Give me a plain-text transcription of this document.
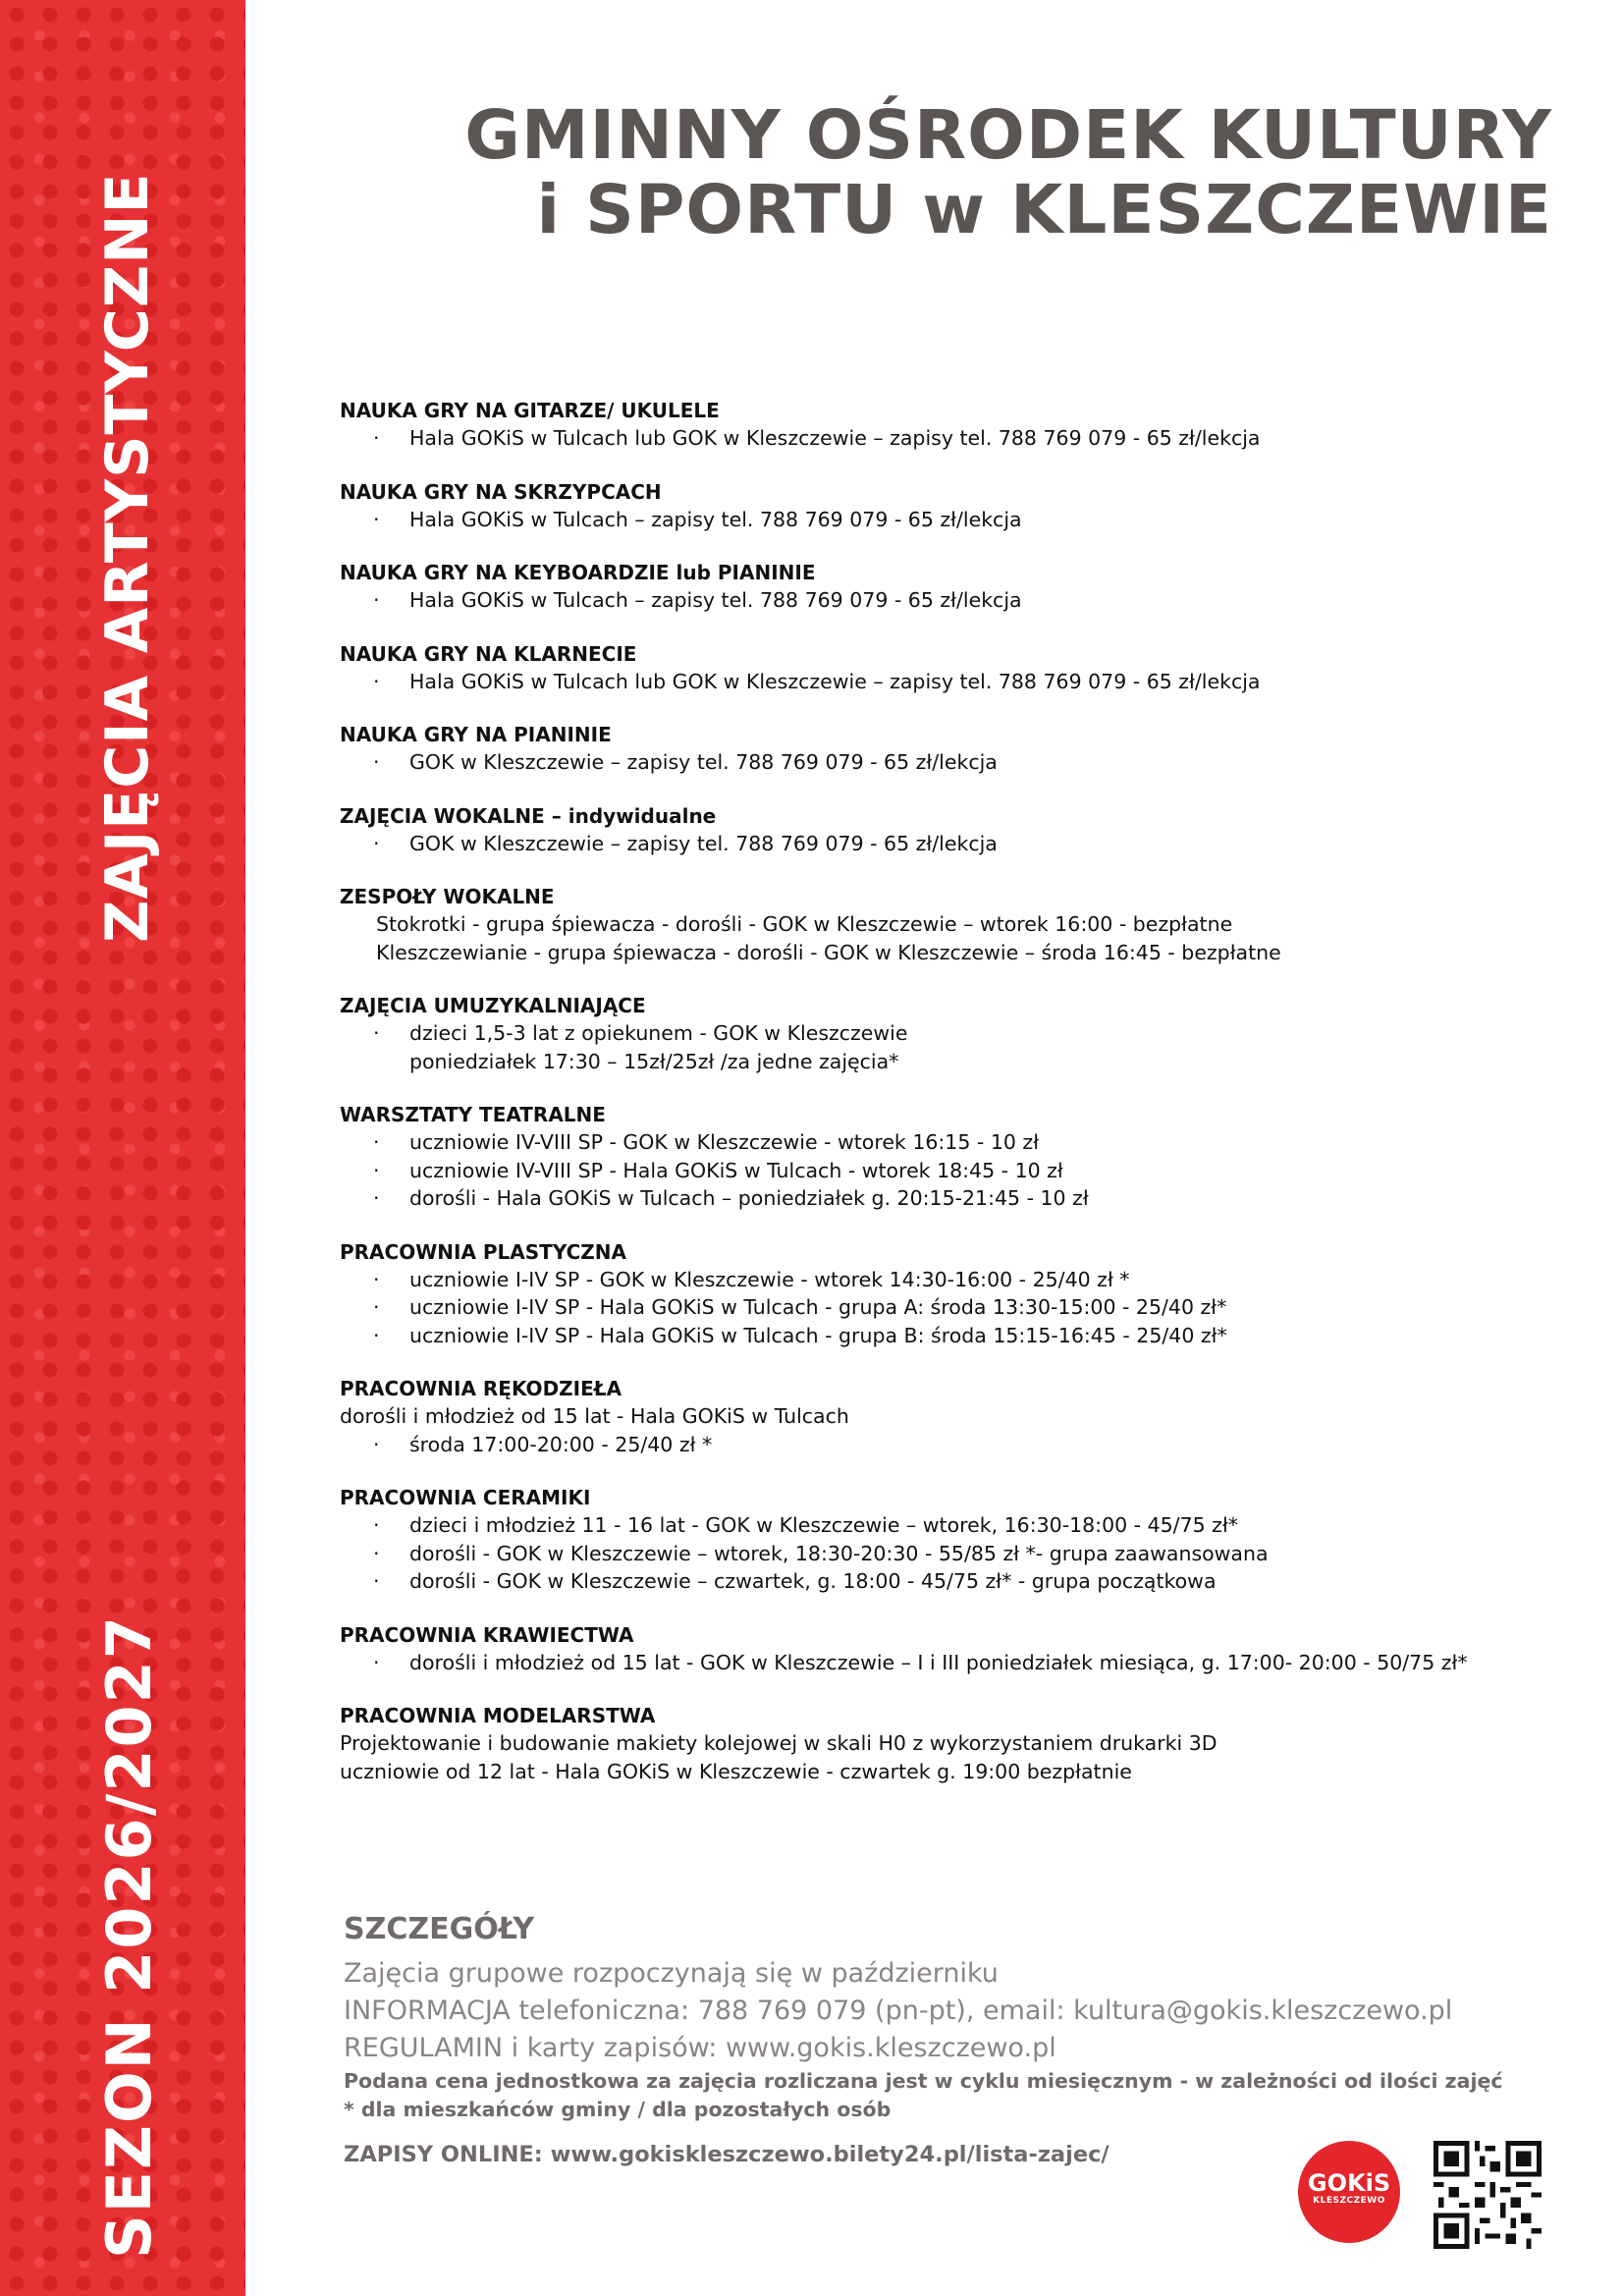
ZAJĘCIA ARTYSTYCZNE
SEZON 2026/2027
GMINNY OŚRODEK KULTURY
i SPORTU w KLESZCZEWIE
NAUKA GRY NA GITARZE/ UKULELE
· Hala GOKiS w Tulcach lub GOK w Kleszczewie – zapisy tel. 788 769 079 - 65 zł/lekcja
NAUKA GRY NA SKRZYPCACH
· Hala GOKiS w Tulcach – zapisy tel. 788 769 079 - 65 zł/lekcja
NAUKA GRY NA KEYBOARDZIE lub PIANINIE
· Hala GOKiS w Tulcach – zapisy tel. 788 769 079 - 65 zł/lekcja
NAUKA GRY NA KLARNECIE
· Hala GOKiS w Tulcach lub GOK w Kleszczewie – zapisy tel. 788 769 079 - 65 zł/lekcja
NAUKA GRY NA PIANINIE
· GOK w Kleszczewie – zapisy tel. 788 769 079 - 65 zł/lekcja
ZAJĘCIA WOKALNE – indywidualne
· GOK w Kleszczewie – zapisy tel. 788 769 079 - 65 zł/lekcja
ZESPOŁY WOKALNE
Stokrotki - grupa śpiewacza - dorośli - GOK w Kleszczewie – wtorek 16:00 - bezpłatne
Kleszczewianie - grupa śpiewacza - dorośli - GOK w Kleszczewie – środa 16:45 - bezpłatne
ZAJĘCIA UMUZYKALNIAJĄCE
· dzieci 1,5-3 lat z opiekunem - GOK w Kleszczewie
poniedziałek 17:30 – 15zł/25zł /za jedne zajęcia*
WARSZTATY TEATRALNE
· uczniowie IV-VIII SP - GOK w Kleszczewie - wtorek 16:15 - 10 zł
· uczniowie IV-VIII SP - Hala GOKiS w Tulcach - wtorek 18:45 - 10 zł
· dorośli - Hala GOKiS w Tulcach – poniedziałek g. 20:15-21:45 - 10 zł
PRACOWNIA PLASTYCZNA
· uczniowie I-IV SP - GOK w Kleszczewie - wtorek 14:30-16:00 - 25/40 zł *
· uczniowie I-IV SP - Hala GOKiS w Tulcach - grupa A: środa 13:30-15:00 - 25/40 zł*
· uczniowie I-IV SP - Hala GOKiS w Tulcach - grupa B: środa 15:15-16:45 - 25/40 zł*
PRACOWNIA RĘKODZIEŁA
dorośli i młodzież od 15 lat - Hala GOKiS w Tulcach
· środa 17:00-20:00 - 25/40 zł *
PRACOWNIA CERAMIKI
· dzieci i młodzież 11 - 16 lat - GOK w Kleszczewie – wtorek, 16:30-18:00 - 45/75 zł*
· dorośli - GOK w Kleszczewie – wtorek, 18:30-20:30 - 55/85 zł *- grupa zaawansowana
· dorośli - GOK w Kleszczewie – czwartek, g. 18:00 - 45/75 zł* - grupa początkowa
PRACOWNIA KRAWIECTWA
· dorośli i młodzież od 15 lat - GOK w Kleszczewie – I i III poniedziałek miesiąca, g. 17:00- 20:00 - 50/75 zł*
PRACOWNIA MODELARSTWA
Projektowanie i budowanie makiety kolejowej w skali H0 z wykorzystaniem drukarki 3D
uczniowie od 12 lat - Hala GOKiS w Kleszczewie - czwartek g. 19:00 bezpłatnie
SZCZEGÓŁY
Zajęcia grupowe rozpoczynają się w październiku
INFORMACJA telefoniczna: 788 769 079 (pn-pt), email: kultura@gokis.kleszczewo.pl
REGULAMIN i karty zapisów: www.gokis.kleszczewo.pl
Podana cena jednostkowa za zajęcia rozliczana jest w cyklu miesięcznym - w zależności od ilości zajęć
* dla mieszkańców gminy / dla pozostałych osób
ZAPISY ONLINE: www.gokiskleszczewo.bilety24.pl/lista-zajec/
GOKiS
KLESZCZEWO
